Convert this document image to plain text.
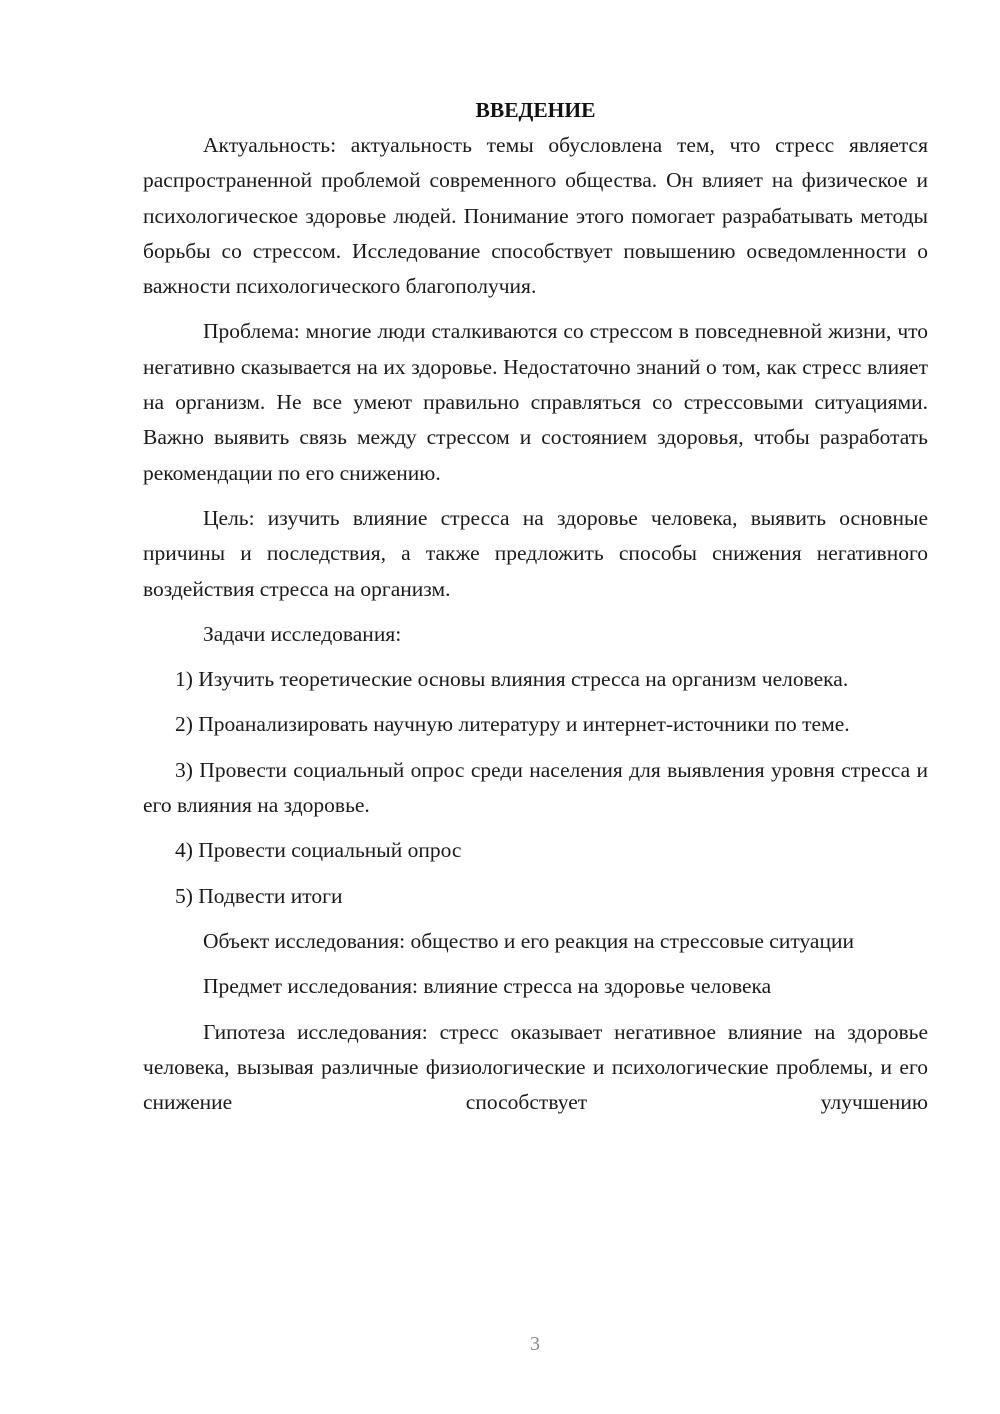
ВВЕДЕНИЕ

Актуальность: актуальность темы обусловлена тем, что стресс является распространенной проблемой современного общества. Он влияет на физическое и психологическое здоровье людей. Понимание этого помогает разрабатывать методы борьбы со стрессом. Исследование способствует повышению осведомленности о важности психологического благополучия.

Проблема: многие люди сталкиваются со стрессом в повседневной жизни, что негативно сказывается на их здоровье. Недостаточно знаний о том, как стресс влияет на организм. Не все умеют правильно справляться со стрессовыми ситуациями. Важно выявить связь между стрессом и состоянием здоровья, чтобы разработать рекомендации по его снижению.

Цель: изучить влияние стресса на здоровье человека, выявить основные причины и последствия, а также предложить способы снижения негативного воздействия стресса на организм.

Задачи исследования:

1) Изучить теоретические основы влияния стресса на организм человека.

2) Проанализировать научную литературу и интернет-источники по теме.

3) Провести социальный опрос среди населения для выявления уровня стресса и его влияния на здоровье.

4) Провести социальный опрос

5) Подвести итоги

Объект исследования: общество и его реакция на стрессовые ситуации

Предмет исследования: влияние стресса на здоровье человека

Гипотеза исследования: стресс оказывает негативное влияние на здоровье человека, вызывая различные физиологические и психологические проблемы, и его снижение способствует улучшению

3
